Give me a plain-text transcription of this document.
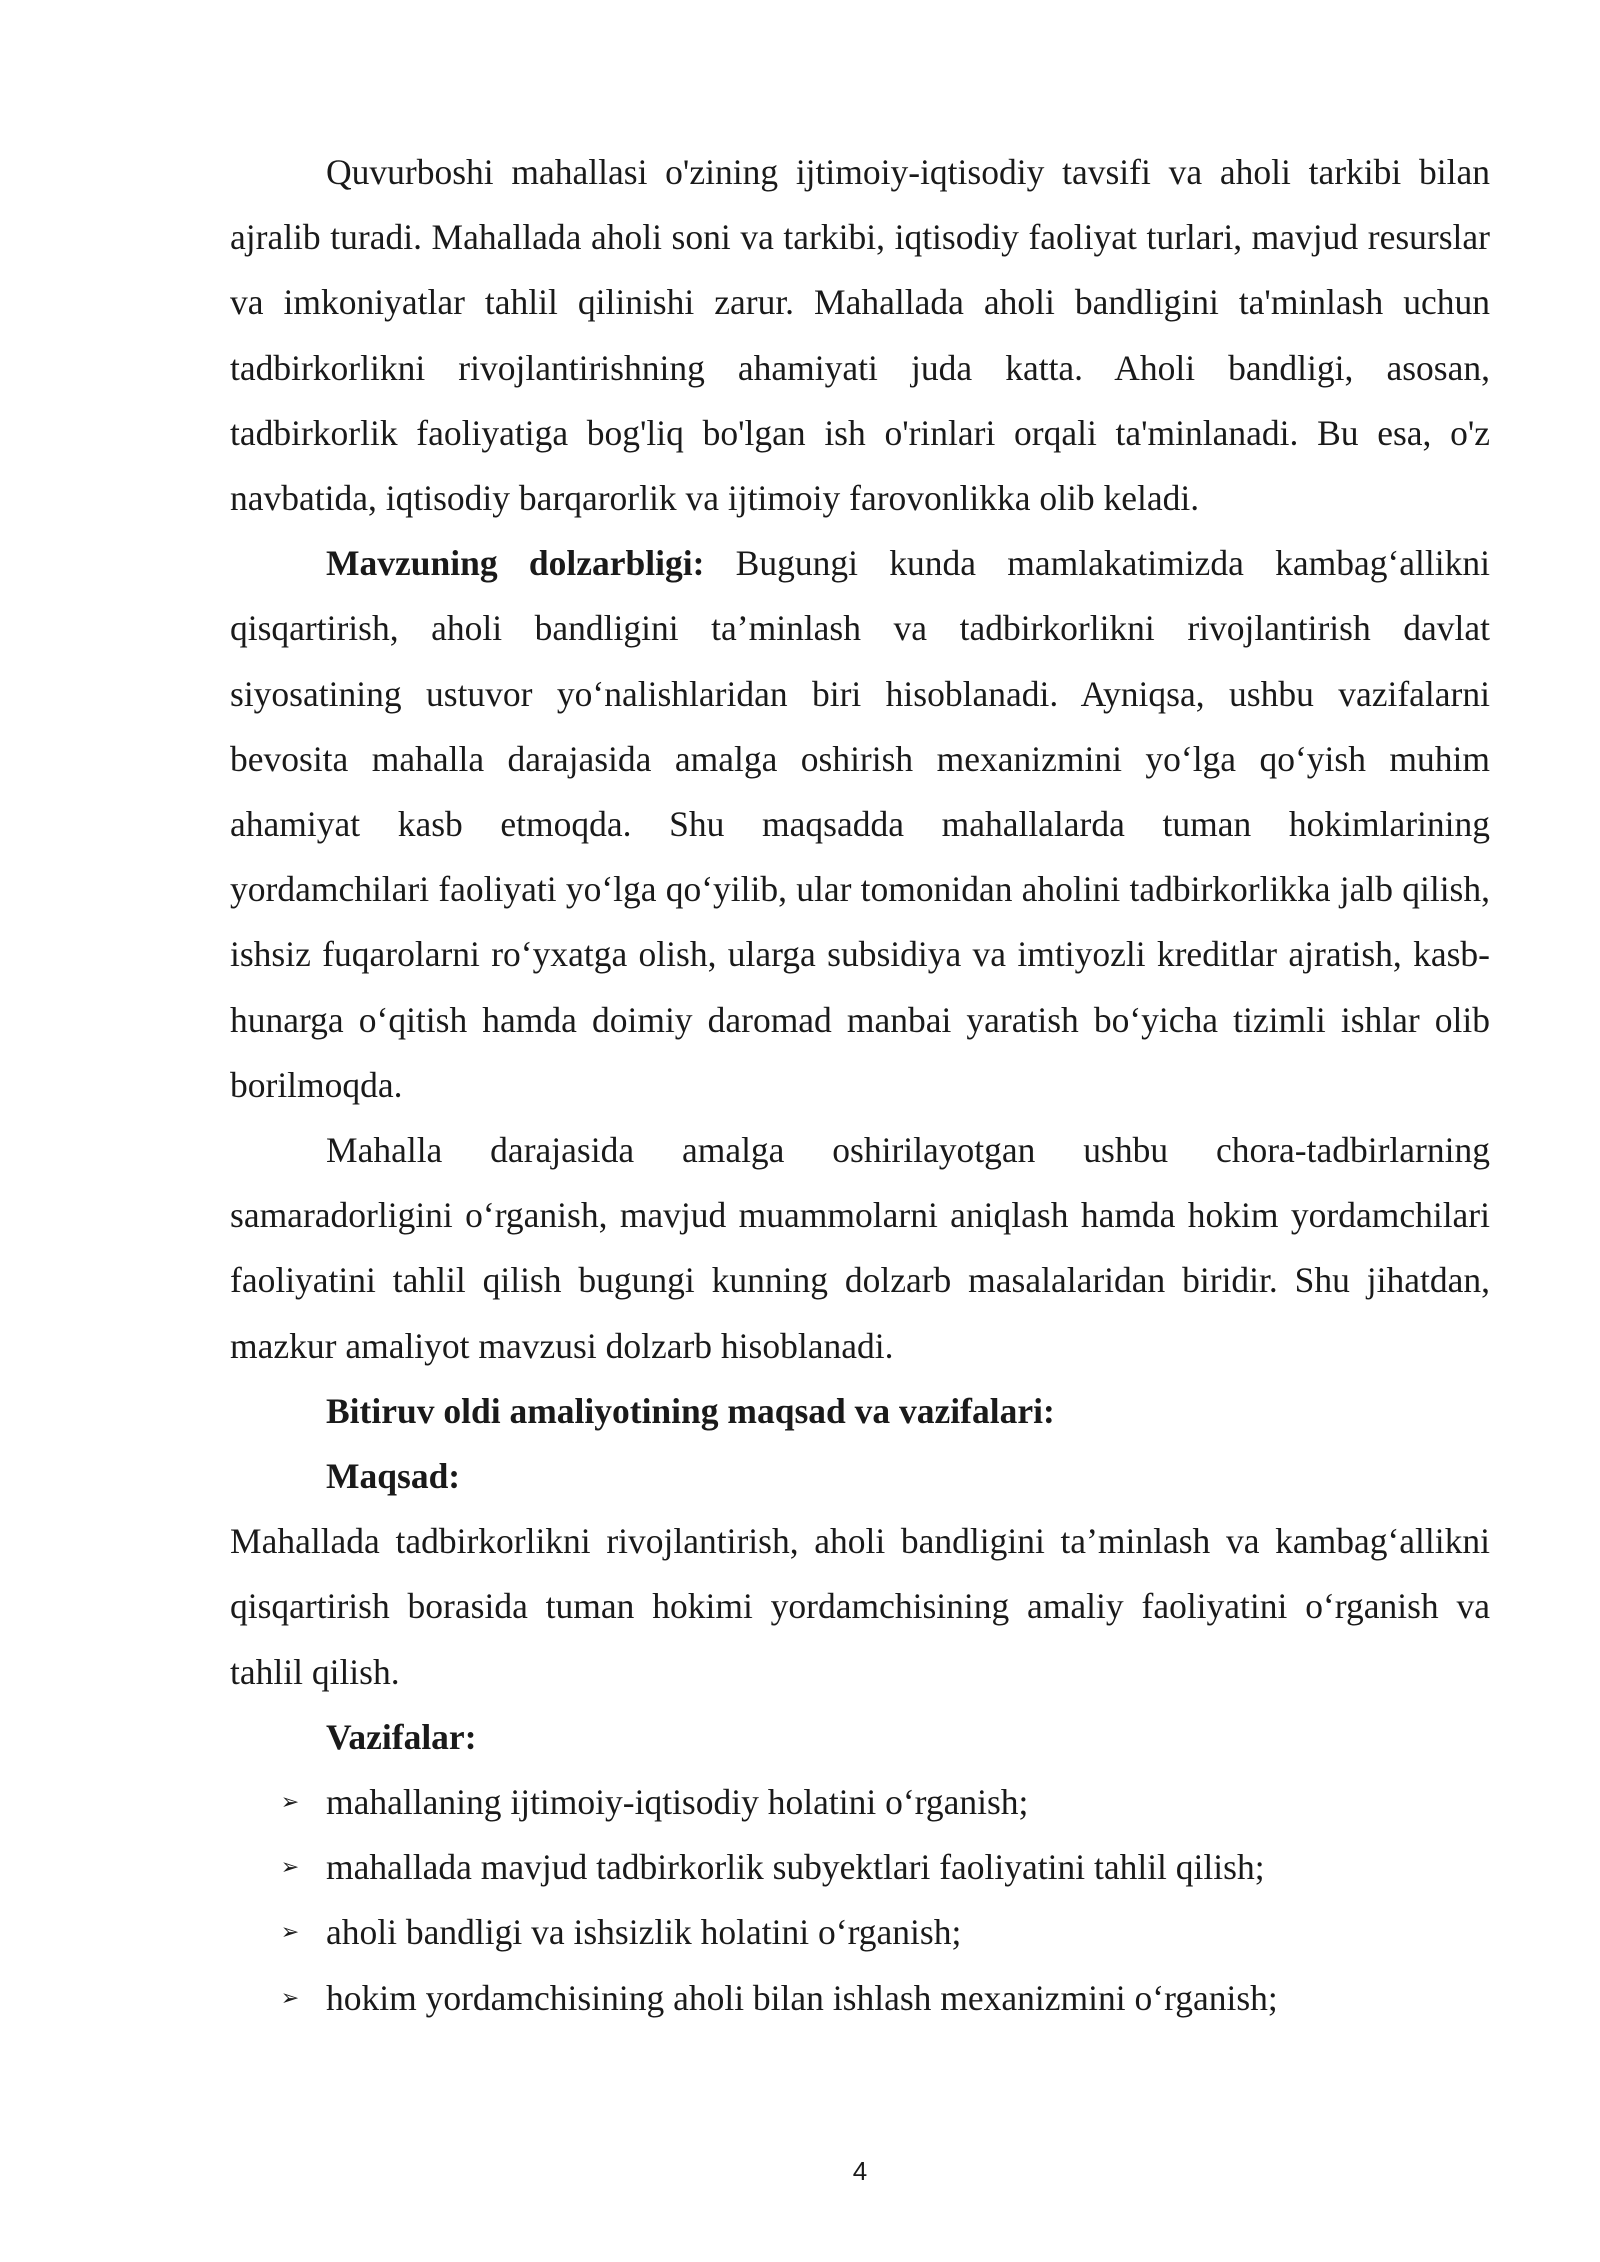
Quvurboshi mahallasi o'zining ijtimoiy-iqtisodiy tavsifi va aholi tarkibi bilan ajralib turadi. Mahallada aholi soni va tarkibi, iqtisodiy faoliyat turlari, mavjud resurslar va imkoniyatlar tahlil qilinishi zarur. Mahallada aholi bandligini ta'minlash uchun tadbirkorlikni rivojlantirishning ahamiyati juda katta. Aholi bandligi, asosan, tadbirkorlik faoliyatiga bog'liq bo'lgan ish o'rinlari orqali ta'minlanadi. Bu esa, o'z navbatida, iqtisodiy barqarorlik va ijtimoiy farovonlikka olib keladi.

Mavzuning dolzarbligi: Bugungi kunda mamlakatimizda kambag‘allikni qisqartirish, aholi bandligini ta’minlash va tadbirkorlikni rivojlantirish davlat siyosatining ustuvor yo‘nalishlaridan biri hisoblanadi. Ayniqsa, ushbu vazifalarni bevosita mahalla darajasida amalga oshirish mexanizmini yo‘lga qo‘yish muhim ahamiyat kasb etmoqda. Shu maqsadda mahallalarda tuman hokimlarining yordamchilari faoliyati yo‘lga qo‘yilib, ular tomonidan aholini tadbirkorlikka jalb qilish, ishsiz fuqarolarni ro‘yxatga olish, ularga subsidiya va imtiyozli kreditlar ajratish, kasb-hunarga o‘qitish hamda doimiy daromad manbai yaratish bo‘yicha tizimli ishlar olib borilmoqda.

Mahalla darajasida amalga oshirilayotgan ushbu chora-tadbirlarning samaradorligini o‘rganish, mavjud muammolarni aniqlash hamda hokim yordamchilari faoliyatini tahlil qilish bugungi kunning dolzarb masalalaridan biridir. Shu jihatdan, mazkur amaliyot mavzusi dolzarb hisoblanadi.

Bitiruv oldi amaliyotining maqsad va vazifalari:

Maqsad:

Mahallada tadbirkorlikni rivojlantirish, aholi bandligini ta’minlash va kambag‘allikni qisqartirish borasida tuman hokimi yordamchisining amaliy faoliyatini o‘rganish va tahlil qilish.

Vazifalar:

➢ mahallaning ijtimoiy-iqtisodiy holatini o‘rganish;
➢ mahallada mavjud tadbirkorlik subyektlari faoliyatini tahlil qilish;
➢ aholi bandligi va ishsizlik holatini o‘rganish;
➢ hokim yordamchisining aholi bilan ishlash mexanizmini o‘rganish;
4
